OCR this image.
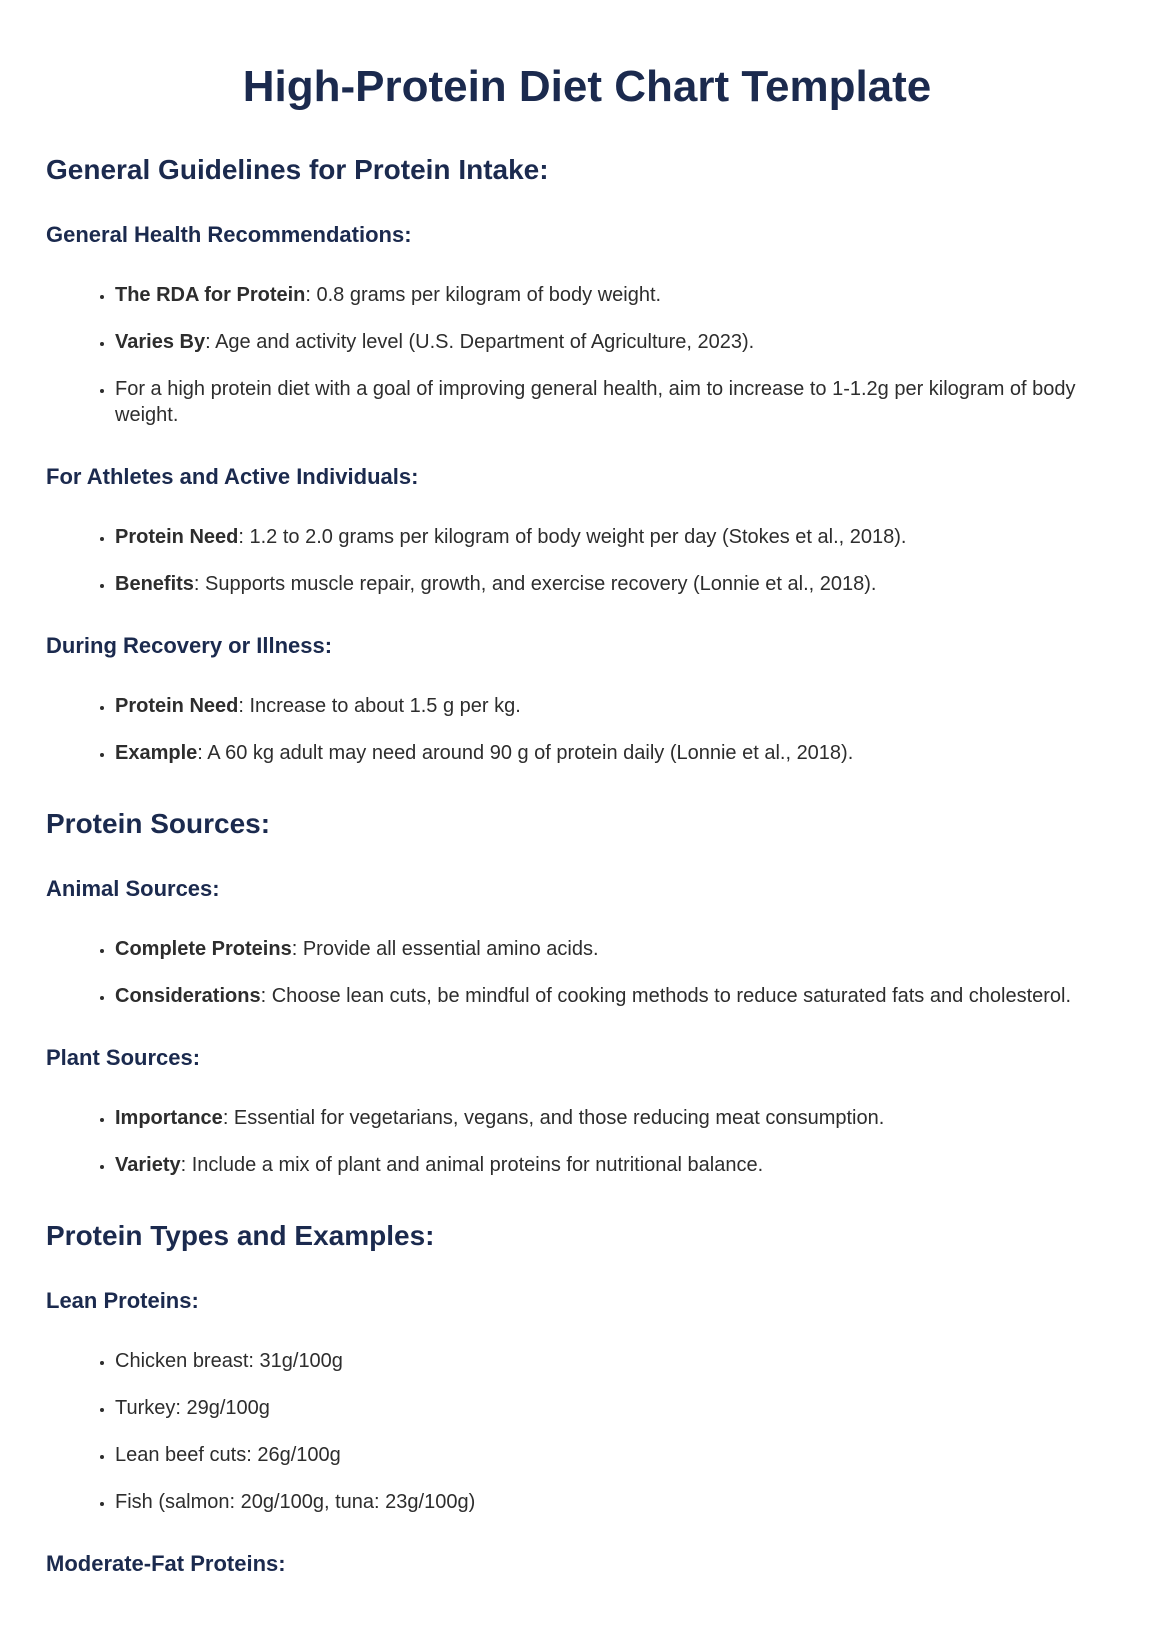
High-Protein Diet Chart Template
General Guidelines for Protein Intake:
General Health Recommendations:
• The RDA for Protein: 0.8 grams per kilogram of body weight.
• Varies By: Age and activity level (U.S. Department of Agriculture, 2023).
• For a high protein diet with a goal of improving general health, aim to increase to 1-1.2g per kilogram of body weight.
For Athletes and Active Individuals:
• Protein Need: 1.2 to 2.0 grams per kilogram of body weight per day (Stokes et al., 2018).
• Benefits: Supports muscle repair, growth, and exercise recovery (Lonnie et al., 2018).
During Recovery or Illness:
• Protein Need: Increase to about 1.5 g per kg.
• Example: A 60 kg adult may need around 90 g of protein daily (Lonnie et al., 2018).
Protein Sources:
Animal Sources:
• Complete Proteins: Provide all essential amino acids.
• Considerations: Choose lean cuts, be mindful of cooking methods to reduce saturated fats and cholesterol.
Plant Sources:
• Importance: Essential for vegetarians, vegans, and those reducing meat consumption.
• Variety: Include a mix of plant and animal proteins for nutritional balance.
Protein Types and Examples:
Lean Proteins:
• Chicken breast: 31g/100g
• Turkey: 29g/100g
• Lean beef cuts: 26g/100g
• Fish (salmon: 20g/100g, tuna: 23g/100g)
Moderate-Fat Proteins:
